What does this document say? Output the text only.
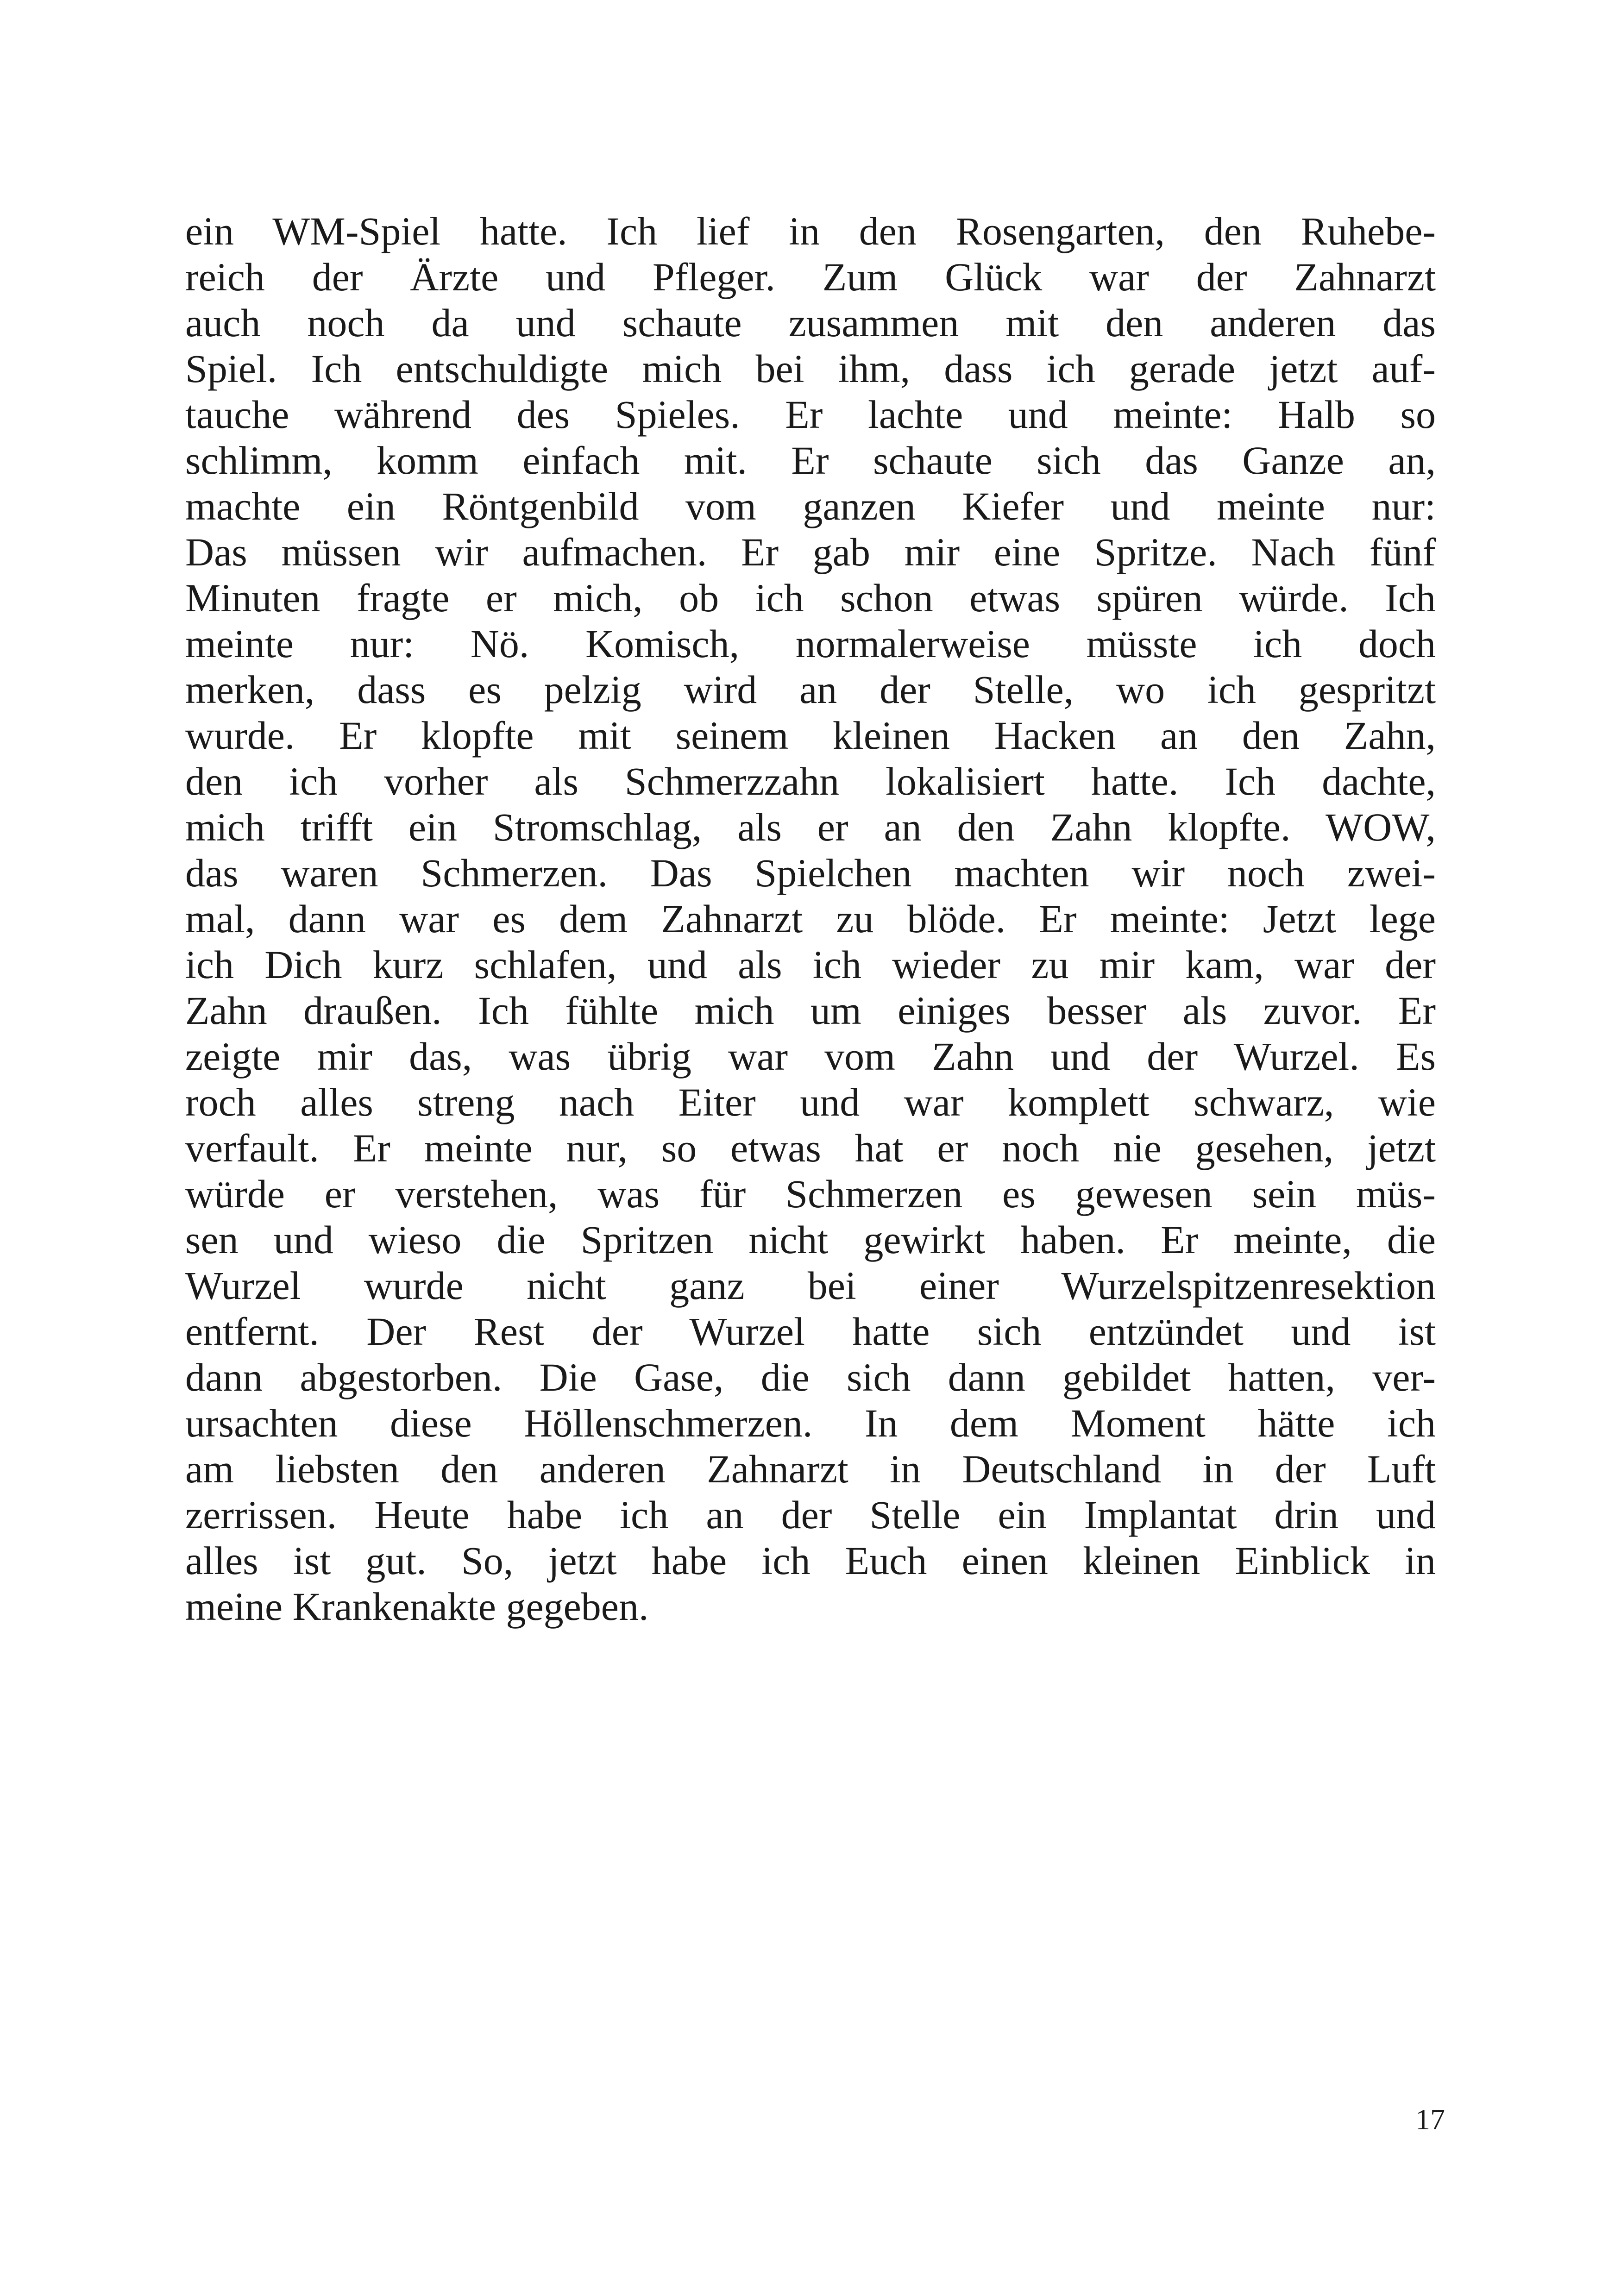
ein WM-Spiel hatte. Ich lief in den Rosengarten, den Ruhebe-
reich der Ärzte und Pfleger. Zum Glück war der Zahnarzt
auch noch da und schaute zusammen mit den anderen das
Spiel. Ich entschuldigte mich bei ihm, dass ich gerade jetzt auf-
tauche während des Spieles. Er lachte und meinte: Halb so
schlimm, komm einfach mit. Er schaute sich das Ganze an,
machte ein Röntgenbild vom ganzen Kiefer und meinte nur:
Das müssen wir aufmachen. Er gab mir eine Spritze. Nach fünf
Minuten fragte er mich, ob ich schon etwas spüren würde. Ich
meinte nur: Nö. Komisch, normalerweise müsste ich doch
merken, dass es pelzig wird an der Stelle, wo ich gespritzt
wurde. Er klopfte mit seinem kleinen Hacken an den Zahn,
den ich vorher als Schmerzzahn lokalisiert hatte. Ich dachte,
mich trifft ein Stromschlag, als er an den Zahn klopfte. WOW,
das waren Schmerzen. Das Spielchen machten wir noch zwei-
mal, dann war es dem Zahnarzt zu blöde. Er meinte: Jetzt lege
ich Dich kurz schlafen, und als ich wieder zu mir kam, war der
Zahn draußen. Ich fühlte mich um einiges besser als zuvor. Er
zeigte mir das, was übrig war vom Zahn und der Wurzel. Es
roch alles streng nach Eiter und war komplett schwarz, wie
verfault. Er meinte nur, so etwas hat er noch nie gesehen, jetzt
würde er verstehen, was für Schmerzen es gewesen sein müs-
sen und wieso die Spritzen nicht gewirkt haben. Er meinte, die
Wurzel wurde nicht ganz bei einer Wurzelspitzenresektion
entfernt. Der Rest der Wurzel hatte sich entzündet und ist
dann abgestorben. Die Gase, die sich dann gebildet hatten, ver-
ursachten diese Höllenschmerzen. In dem Moment hätte ich
am liebsten den anderen Zahnarzt in Deutschland in der Luft
zerrissen. Heute habe ich an der Stelle ein Implantat drin und
alles ist gut. So, jetzt habe ich Euch einen kleinen Einblick in
meine Krankenakte gegeben.
17
